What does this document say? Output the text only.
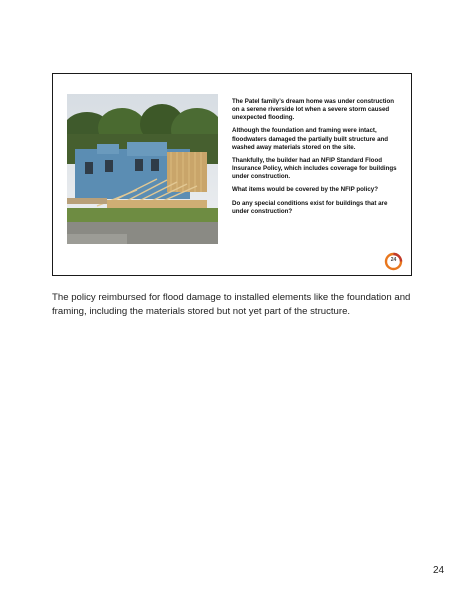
The Patel family’s dream home was under construction on a serene riverside lot when a severe storm caused unexpected flooding.

Although the foundation and framing were intact, floodwaters damaged the partially built structure and washed away materials stored on the site.

Thankfully, the builder had an NFIP Standard Flood Insurance Policy, which includes coverage for buildings under construction.

What items would be covered by the NFIP policy?

Do any special conditions exist for buildings that are under construction?

24
The policy reimbursed for flood damage to installed elements like the foundation and framing, including the materials stored but not yet part of the structure.
24
